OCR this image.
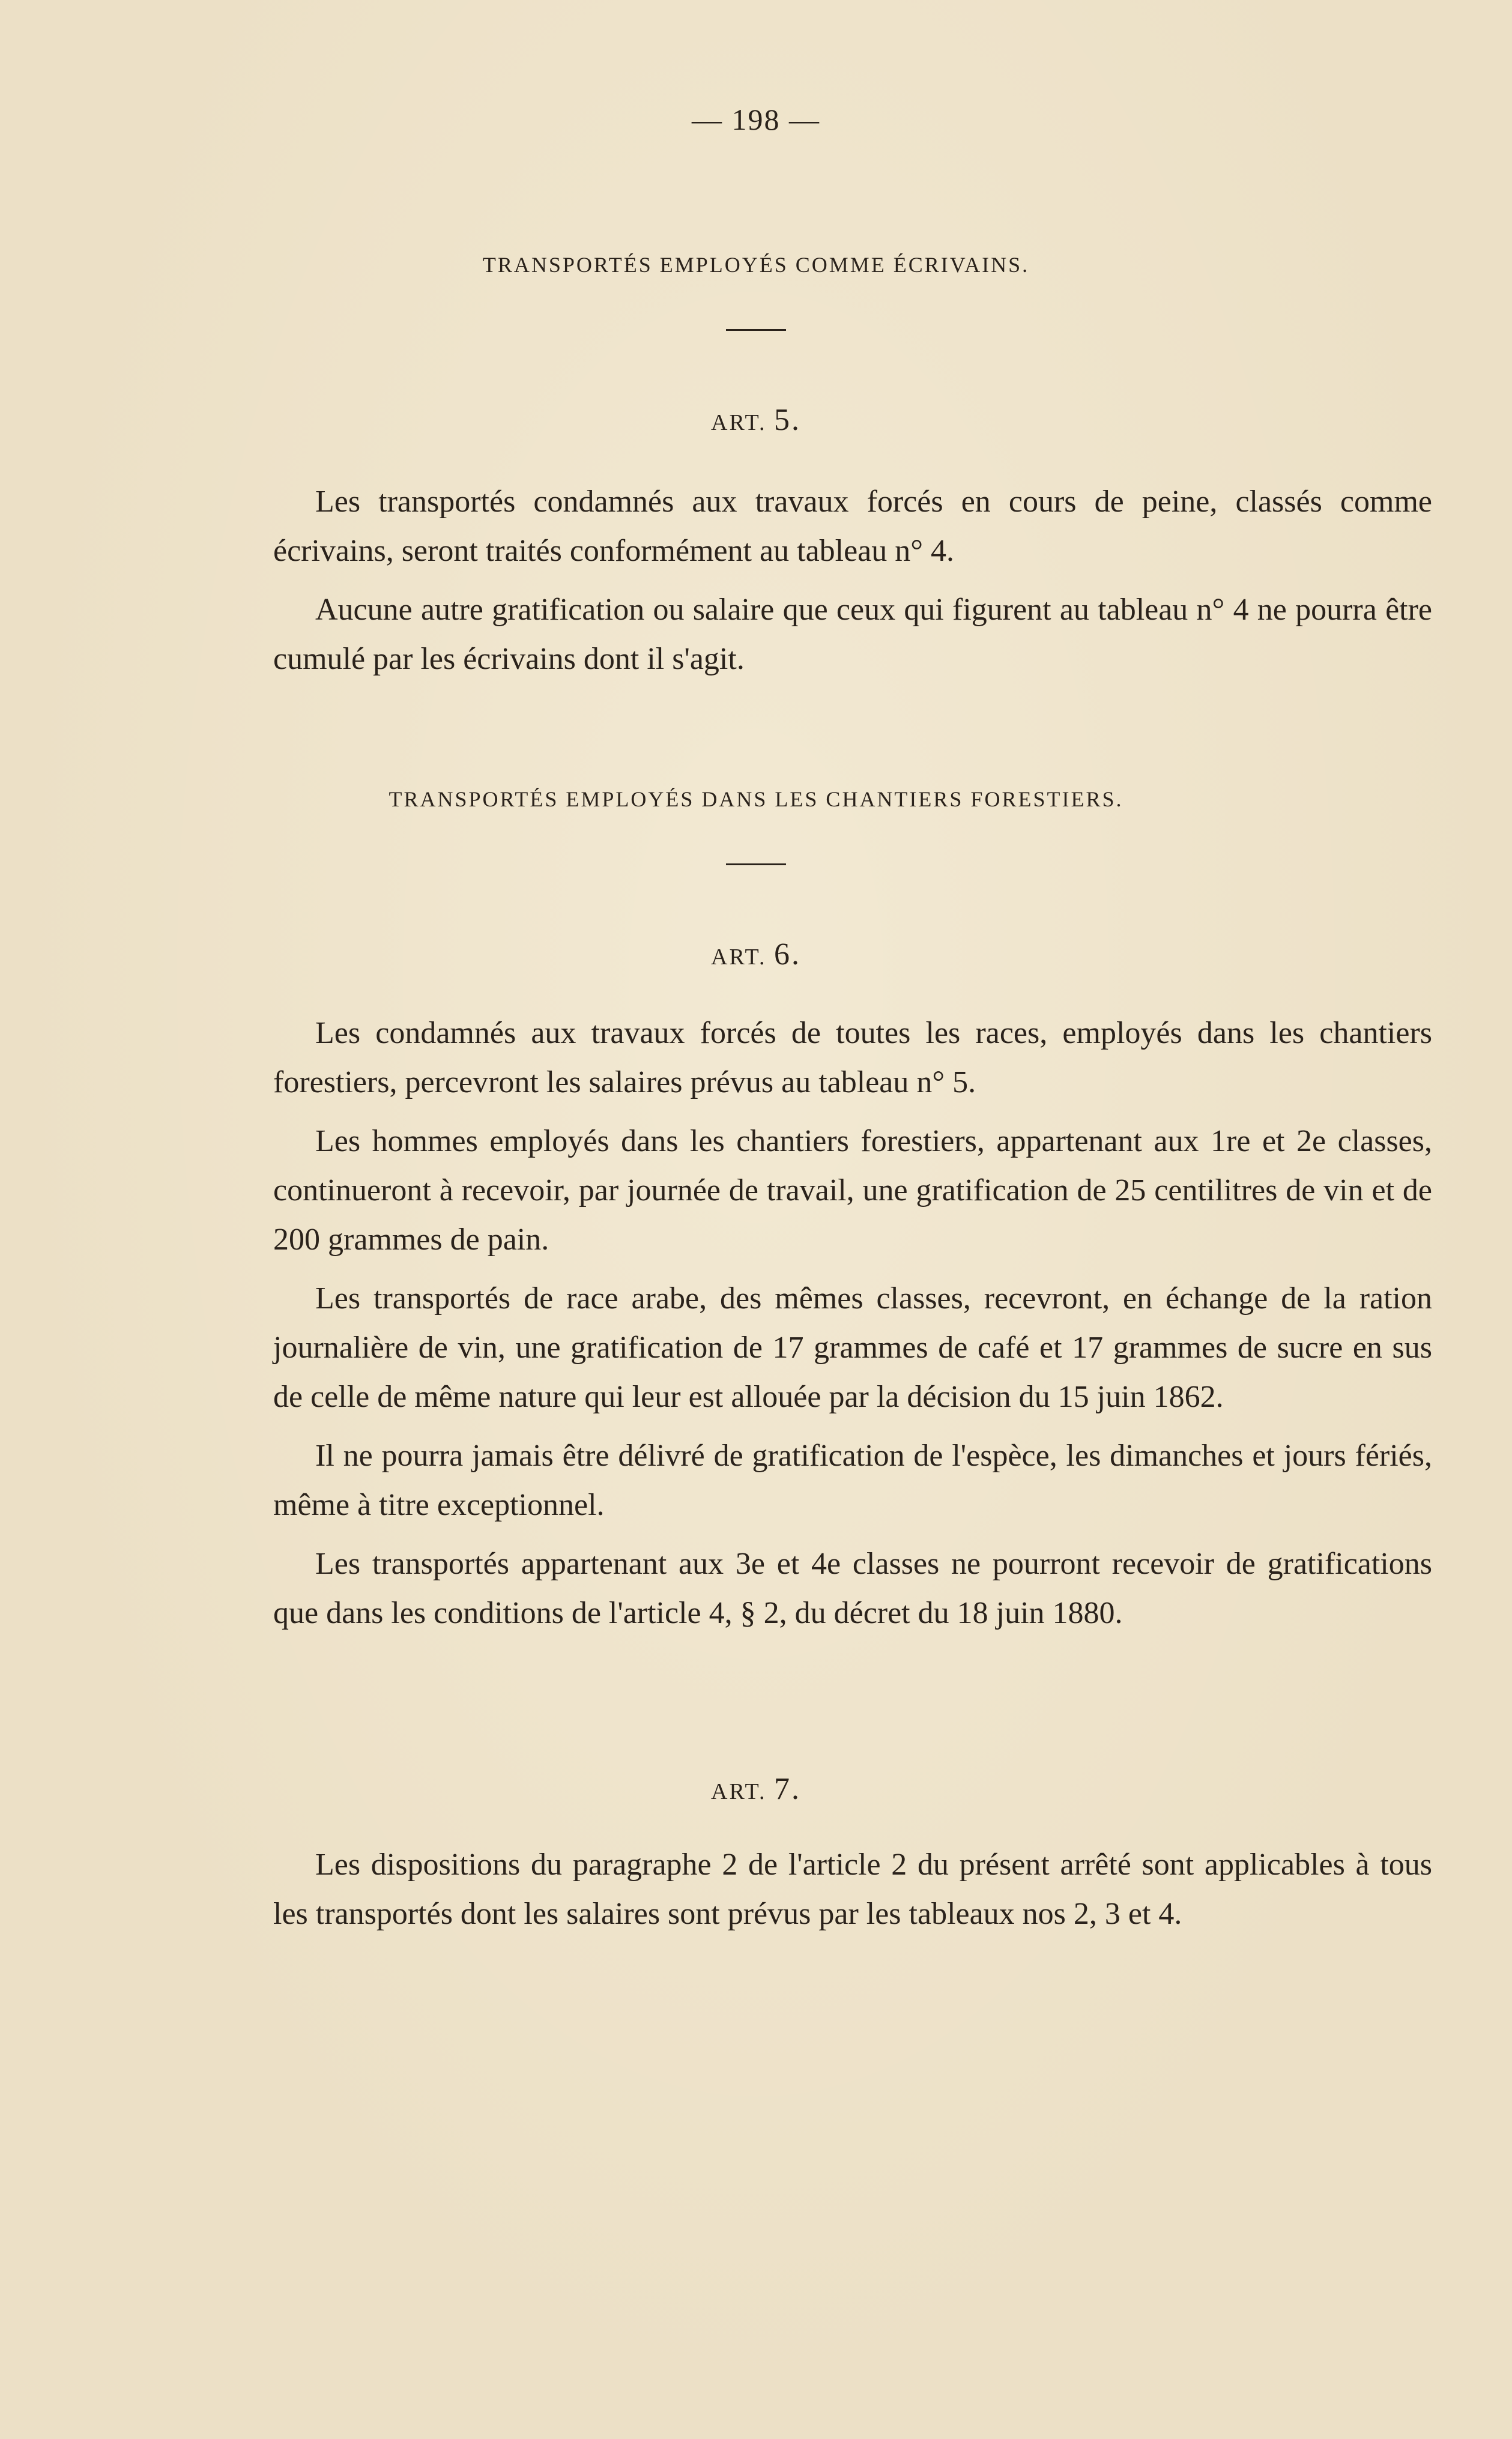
— 198 —
TRANSPORTÉS EMPLOYÉS COMME ÉCRIVAINS.
ART. 5.

Les transportés condamnés aux travaux forcés en cours de peine, classés comme écrivains, seront traités conformément au tableau n° 4.

Aucune autre gratification ou salaire que ceux qui figurent au tableau n° 4 ne pourra être cumulé par les écrivains dont il s'agit.

TRANSPORTÉS EMPLOYÉS DANS LES CHANTIERS FORESTIERS.
ART. 6.

Les condamnés aux travaux forcés de toutes les races, employés dans les chantiers forestiers, percevront les salaires prévus au tableau n° 5.

Les hommes employés dans les chantiers forestiers, appartenant aux 1re et 2e classes, continueront à recevoir, par journée de travail, une gratification de 25 centilitres de vin et de 200 grammes de pain.

Les transportés de race arabe, des mêmes classes, recevront, en échange de la ration journalière de vin, une gratification de 17 grammes de café et 17 grammes de sucre en sus de celle de même nature qui leur est allouée par la décision du 15 juin 1862.

Il ne pourra jamais être délivré de gratification de l'espèce, les dimanches et jours fériés, même à titre exceptionnel.

Les transportés appartenant aux 3e et 4e classes ne pourront recevoir de gratifications que dans les conditions de l'article 4, § 2, du décret du 18 juin 1880.

ART. 7.

Les dispositions du paragraphe 2 de l'article 2 du présent arrêté sont applicables à tous les transportés dont les salaires sont prévus par les tableaux nos 2, 3 et 4.
